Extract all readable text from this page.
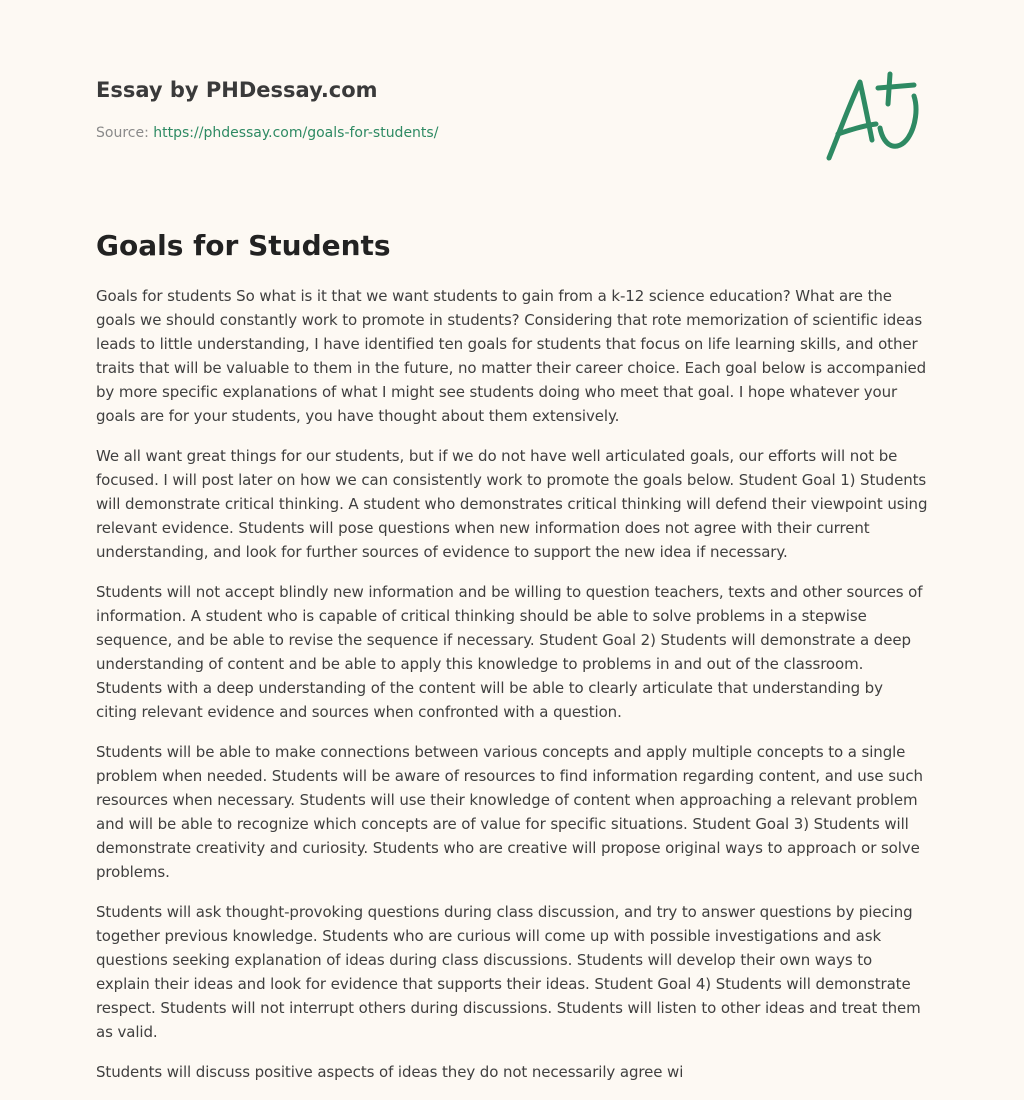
Essay by PHDessay.com
Source: https://phdessay.com/goals-for-students/
Goals for Students

Goals for students So what is it that we want students to gain from a k-12 science education? What are the goals we should constantly work to promote in students? Considering that rote memorization of scientific ideas leads to little understanding, I have identified ten goals for students that focus on life learning skills, and other traits that will be valuable to them in the future, no matter their career choice. Each goal below is accompanied by more specific explanations of what I might see students doing who meet that goal. I hope whatever your goals are for your students, you have thought about them extensively.

We all want great things for our students, but if we do not have well articulated goals, our efforts will not be focused. I will post later on how we can consistently work to promote the goals below. Student Goal 1) Students will demonstrate critical thinking. A student who demonstrates critical thinking will defend their viewpoint using relevant evidence. Students will pose questions when new information does not agree with their current understanding, and look for further sources of evidence to support the new idea if necessary.

Students will not accept blindly new information and be willing to question teachers, texts and other sources of information. A student who is capable of critical thinking should be able to solve problems in a stepwise sequence, and be able to revise the sequence if necessary. Student Goal 2) Students will demonstrate a deep understanding of content and be able to apply this knowledge to problems in and out of the classroom. Students with a deep understanding of the content will be able to clearly articulate that understanding by citing relevant evidence and sources when confronted with a question.

Students will be able to make connections between various concepts and apply multiple concepts to a single problem when needed. Students will be aware of resources to find information regarding content, and use such resources when necessary. Students will use their knowledge of content when approaching a relevant problem and will be able to recognize which concepts are of value for specific situations. Student Goal 3) Students will demonstrate creativity and curiosity. Students who are creative will propose original ways to approach or solve problems.

Students will ask thought-provoking questions during class discussion, and try to answer questions by piecing together previous knowledge. Students who are curious will come up with possible investigations and ask questions seeking explanation of ideas during class discussions. Students will develop their own ways to explain their ideas and look for evidence that supports their ideas. Student Goal 4) Students will demonstrate respect. Students will not interrupt others during discussions. Students will listen to other ideas and treat them as valid.

Students will discuss positive aspects of ideas they do not necessarily agree wi
